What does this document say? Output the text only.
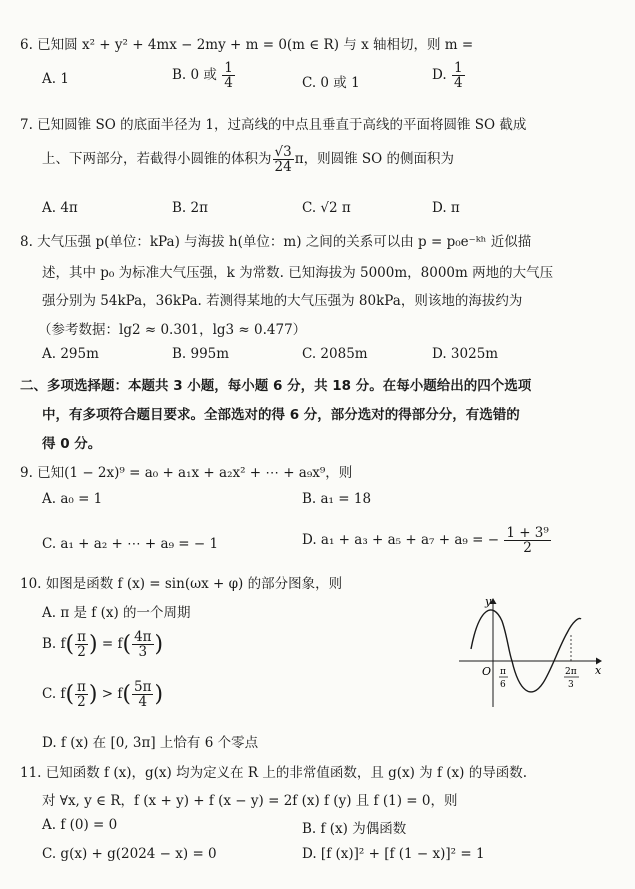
6. 已知圆 x² + y² + 4mx − 2my + m = 0(m ∈ R) 与 x 轴相切，则 m =
A. 1	B. 0 或 $\frac{1}{4}$	C. 0 或 1	D. $\frac{1}{4}$
7. 已知圆锥 SO 的底面半径为 1，过高线的中点且垂直于高线的平面将圆锥 SO 截成
上、下两部分，若截得小圆锥的体积为 $\frac{√3}{24}$ π，则圆锥 SO 的侧面积为
A. 4π	B. 2π	C. √2 π	D. π
8. 大气压强 p(单位：kPa) 与海拔 h(单位：m) 之间的关系可以由 p = p₀e⁻ᵏʰ 近似描
述，其中 p₀ 为标准大气压强，k 为常数. 已知海拔为 5000m，8000m 两地的大气压
强分别为 54kPa，36kPa. 若测得某地的大气压强为 80kPa，则该地的海拔约为
（参考数据：lg2 ≈ 0.301，lg3 ≈ 0.477）
A. 295m	B. 995m	C. 2085m	D. 3025m
二、多项选择题：本题共 3 小题，每小题 6 分，共 18 分。在每小题给出的四个选项
中，有多项符合题目要求。全部选对的得 6 分，部分选对的得部分分，有选错的
得 0 分。
9. 已知(1 − 2x)⁹ = a₀ + a₁x + a₂x² + ⋯ + a₉x⁹，则
A. a₀ = 1	B. a₁ = 18
C. a₁ + a₂ + ⋯ + a₉ = − 1	D. a₁ + a₃ + a₅ + a₇ + a₉ = − $\frac{\text{1 + 3⁹}}{2}$
10. 如图是函数 f (x) = sin(ωx + φ) 的部分图象，则
A. π 是 f (x) 的一个周期
B. $f( \frac{\pi}{2}$ ) = $f( \frac{4\pi}{3}$ )
C. $f( \frac{\pi}{2}$ ) > $f( \frac{5\pi}{4}$ )
D. f (x) 在 [0, 3π] 上恰有 6 个零点
y
x
O π
6
2π
3
11. 已知函数 f (x)，g(x) 均为定义在 R 上的非常值函数，且 g(x) 为 f (x) 的导函数.
对 ∀x, y ∈ R，f (x + y) + f (x − y) = 2f (x) f (y) 且 f (1) = 0，则
A. f (0) = 0	B. f (x) 为偶函数
C. g(x) + g(2024 − x) = 0	D. [f (x)]² + [f (1 − x)]² = 1
